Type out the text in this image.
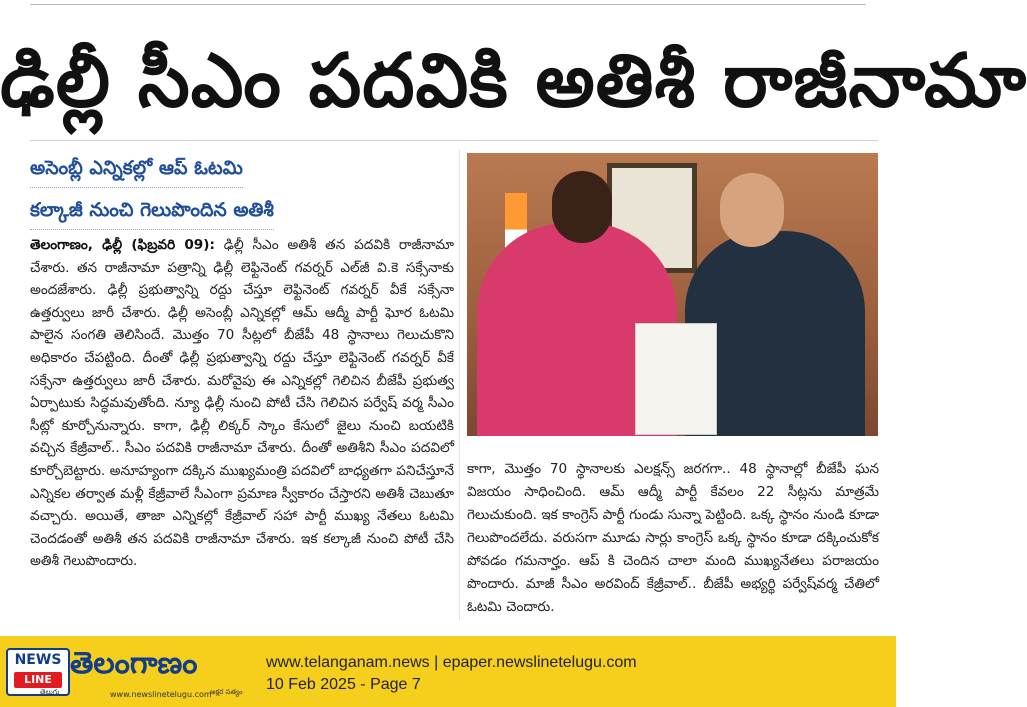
ఢిల్లీ సీఎం పదవికి అతిశీ రాజీనామా
అసెంబ్లీ ఎన్నికల్లో ఆప్ ఓటమి
కల్కాజీ నుంచి గెలుపొందిన అతిశీ
తెలంగాణం, ఢిల్లీ (ఫిబ్రవరి 09): ఢిల్లీ సీఎం అతిశీ తన పదవికి రాజీనామా చేశారు. తన రాజీనామా పత్రాన్ని ఢిల్లీ లెఫ్టినెంట్ గవర్నర్ ఎల్‌జీ వి.కె సక్సేనాకు అందజేశారు. ఢిల్లీ ప్రభుత్వాన్ని రద్దు చేస్తూ లెఫ్టినెంట్ గవర్నర్ వీకే సక్సేనా ఉత్తర్వులు జారీ చేశారు. ఢిల్లీ అసెంబ్లీ ఎన్నికల్లో ఆమ్ ఆద్మీ పార్టీ ఘోర ఓటమి పాలైన సంగతి తెలిసిందే. మొత్తం 70 సీట్లలో బీజేపీ 48 స్థానాలు గెలుచుకొని అధికారం చేపట్టింది. దీంతో ఢిల్లీ ప్రభుత్వాన్ని రద్దు చేస్తూ లెఫ్టినెంట్ గవర్నర్ వీకే సక్సేనా ఉత్తర్వులు జారీ చేశారు. మరోవైపు ఈ ఎన్నికల్లో గెలిచిన బీజేపీ ప్రభుత్వ ఏర్పాటుకు సిద్ధమవుతోంది. న్యూ ఢిల్లీ నుంచి పోటీ చేసి గెలిచిన పర్వేష్ వర్మ సీఎం సీట్లో కూర్చోనున్నారు. కాగా, ఢిల్లీ లిక్కర్ స్కాం కేసులో జైలు నుంచి బయటికి వచ్చిన కేజ్రీవాల్.. సీఎం పదవికి రాజీనామా చేశారు. దీంతో అతిశీని సీఎం పదవిలో కూర్చోబెట్టారు. అనూహ్యంగా దక్కిన ముఖ్యమంత్రి పదవిలో బాధ్యతగా పనిచేస్తూనే ఎన్నికల తర్వాత మళ్లీ కేజ్రీవాలే సీఎంగా ప్రమాణ స్వీకారం చేస్తారని అతిశీ చెబుతూ వచ్చారు. అయితే, తాజా ఎన్నికల్లో కేజ్రీవాల్ సహా పార్టీ ముఖ్య నేతలు ఓటమి చెందడంతో అతిశీ తన పదవికి రాజీనామా చేశారు. ఇక కల్కాజీ నుంచి పోటీ చేసి అతిశీ గెలుపొందారు.
కాగా, మొత్తం 70 స్థానాలకు ఎలక్షన్స్ జరగగా.. 48 స్థానాల్లో బీజేపీ ఘన విజయం సాధించింది. ఆమ్ ఆద్మీ పార్టీ కేవలం 22 సీట్లను మాత్రమే గెలుచుకుంది. ఇక కాంగ్రెస్ పార్టీ గుండు సున్నా పెట్టింది. ఒక్క స్థానం నుండి కూడా గెలుపొందలేదు. వరుసగా మూడు సార్లు కాంగ్రెస్ ఒక్క స్థానం కూడా దక్కించుకోక పోవడం గమనార్హం. ఆప్ కి చెందిన చాలా మంది ముఖ్యనేతలు పరాజయం పొందారు. మాజీ సీఎం అరవింద్ కేజ్రీవాల్.. బీజేపీ అభ్యర్థి పర్వేష్‌వర్మ చేతిలో ఓటమి చెందారు.
NEWS
LINE తెలంగాణం
తెలుగు	www.newslinetelugu.com
అక్షర సత్యం
www.telanganam.news | epaper.newslinetelugu.com
10 Feb 2025 - Page 7
